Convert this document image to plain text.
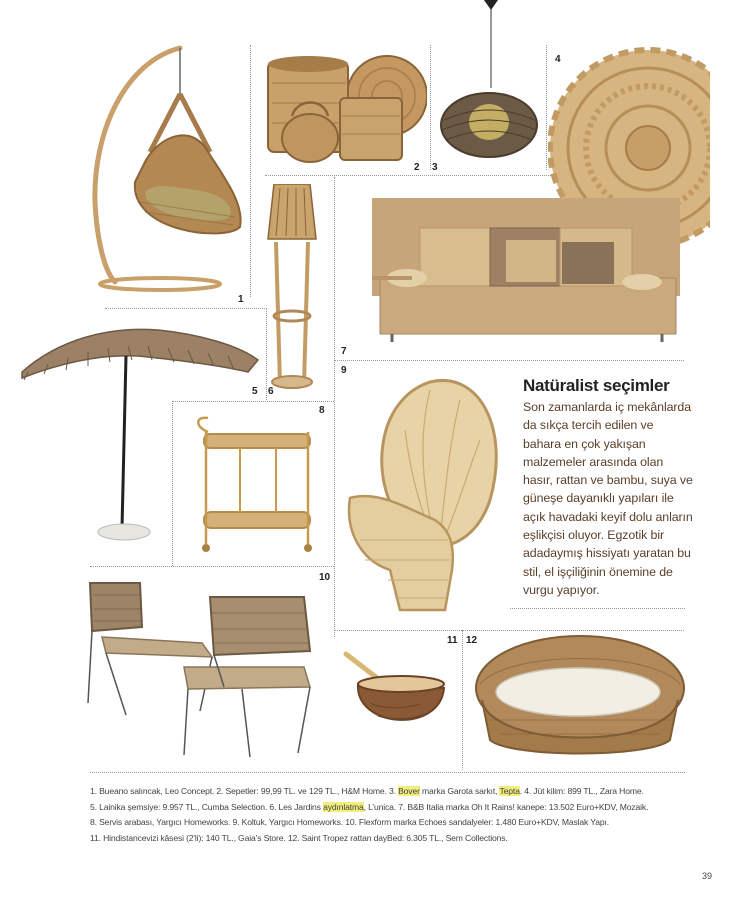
1
2 3
4
5 6
7
8
9
10
11 12
Natüralist seçimler

Son zamanlarda iç mekânlarda da sıkça tercih edilen ve bahara en çok yakışan malzemeler arasında olan hasır, rattan ve bambu, suya ve güneşe dayanıklı yapıları ile açık havadaki keyif dolu anların eşlikçisi oluyor. Egzotik bir adadaymış hissiyatı yaratan bu stil, el işçiliğinin önemine de vurgu yapıyor.

1. Bueano salıncak, Leo Concept. 2. Sepetler: 99,99 TL. ve 129 TL., H&M Home. 3. Bover marka Garota sarkıt, Tepta. 4. Jüt kilim: 899 TL., Zara Home.
5. Lainika şemsiye: 9.957 TL., Cumba Selection. 6. Les Jardins aydınlatma, L’unica. 7. B&B Italia marka Oh It Rains! kanepe: 13.502 Euro+KDV, Mozaik.
8. Servis arabası, Yargıcı Homeworks. 9. Koltuk, Yargıcı Homeworks. 10. Flexform marka Echoes sandalyeler: 1.480 Euro+KDV, Maslak Yapı.
11. Hindistancevizi kâsesi (2'li): 140 TL., Gaia’s Store. 12. Saint Tropez rattan dayBed: 6.305 TL., Sem Collections.
39
